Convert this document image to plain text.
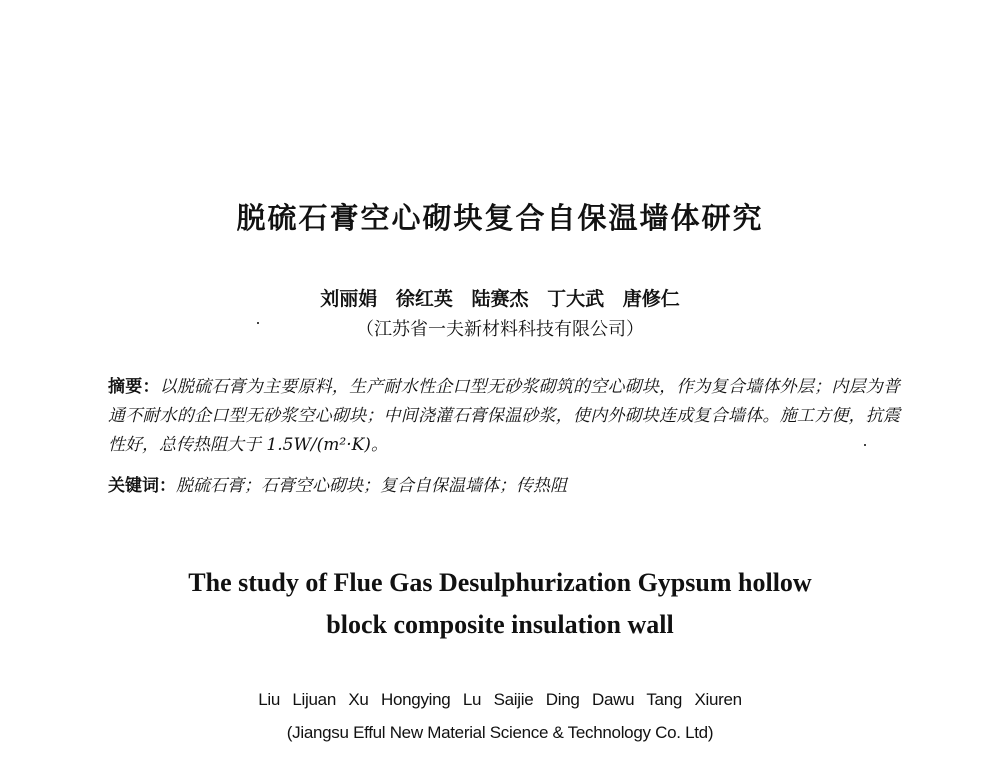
脱硫石膏空心砌块复合自保温墙体研究
刘丽娟 徐红英 陆赛杰 丁大武 唐修仁
（江苏省一夫新材料科技有限公司）
摘要：以脱硫石膏为主要原料，生产耐水性企口型无砂浆砌筑的空心砌块，作为复合墙体外层；内层为普通不耐水的企口型无砂浆空心砌块；中间浇灌石膏保温砂浆，使内外砌块连成复合墙体。施工方便，抗震性好，总传热阻大于 1.5W/(m²·K)。
关键词：脱硫石膏；石膏空心砌块；复合自保温墙体；传热阻
The study of Flue Gas Desulphurization Gypsum hollow
block composite insulation wall
Liu Lijuan Xu Hongying Lu Saijie Ding Dawu Tang Xiuren
(Jiangsu Efful New Material Science & Technology Co. Ltd)
